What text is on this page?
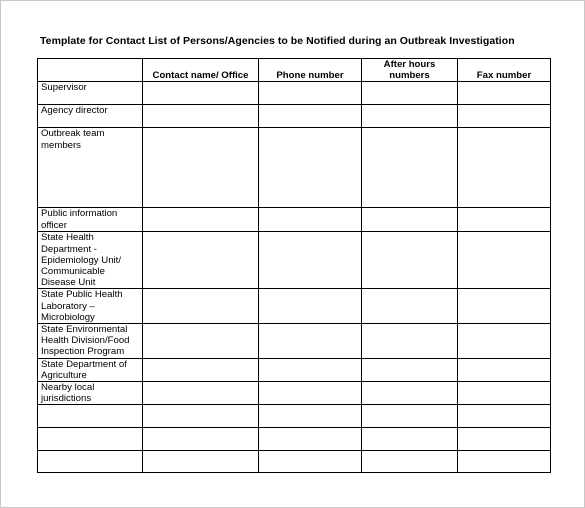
Template for Contact List of Persons/Agencies to be Notified during an Outbreak Investigation
	Contact name/ Office	Phone number	After hours numbers	Fax number
Supervisor				
Agency director				
Outbreak team members				
Public information officer				
State Health Department - Epidemiology Unit/ Communicable Disease Unit				
State Public Health Laboratory – Microbiology				
State Environmental Health Division/Food Inspection Program				
State Department of Agriculture				
Nearby local jurisdictions				
